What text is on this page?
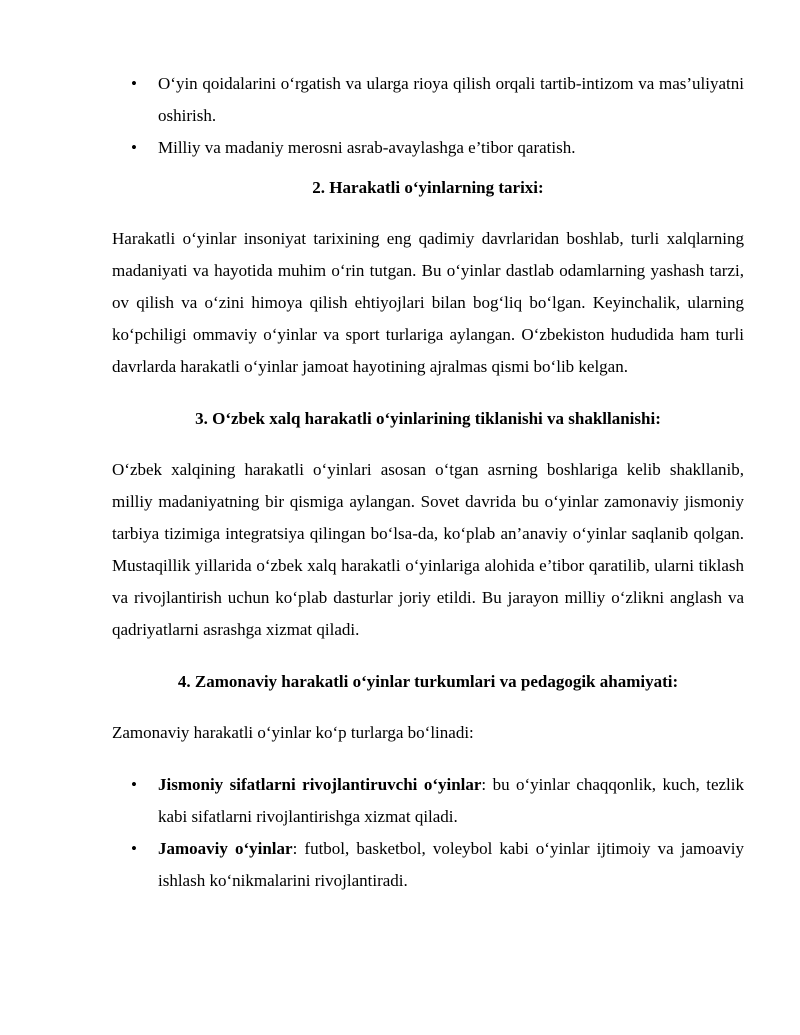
• O‘yin qoidalarini o‘rgatish va ularga rioya qilish orqali tartib-intizom va mas’uliyatni oshirish.
• Milliy va madaniy merosni asrab-avaylashga e’tibor qaratish.
2. Harakatli o‘yinlarning tarixi:

Harakatli o‘yinlar insoniyat tarixining eng qadimiy davrlaridan boshlab, turli xalqlarning madaniyati va hayotida muhim o‘rin tutgan. Bu o‘yinlar dastlab odamlarning yashash tarzi, ov qilish va o‘zini himoya qilish ehtiyojlari bilan bog‘liq bo‘lgan. Keyinchalik, ularning ko‘pchiligi ommaviy o‘yinlar va sport turlariga aylangan. O‘zbekiston hududida ham turli davrlarda harakatli o‘yinlar jamoat hayotining ajralmas qismi bo‘lib kelgan.

3. O‘zbek xalq harakatli o‘yinlarining tiklanishi va shakllanishi:

O‘zbek xalqining harakatli o‘yinlari asosan o‘tgan asrning boshlariga kelib shakllanib, milliy madaniyatning bir qismiga aylangan. Sovet davrida bu o‘yinlar zamonaviy jismoniy tarbiya tizimiga integratsiya qilingan bo‘lsa-da, ko‘plab an’anaviy o‘yinlar saqlanib qolgan. Mustaqillik yillarida o‘zbek xalq harakatli o‘yinlariga alohida e’tibor qaratilib, ularni tiklash va rivojlantirish uchun ko‘plab dasturlar joriy etildi. Bu jarayon milliy o‘zlikni anglash va qadriyatlarni asrashga xizmat qiladi.

4. Zamonaviy harakatli o‘yinlar turkumlari va pedagogik ahamiyati:

Zamonaviy harakatli o‘yinlar ko‘p turlarga bo‘linadi:

• Jismoniy sifatlarni rivojlantiruvchi o‘yinlar: bu o‘yinlar chaqqonlik, kuch, tezlik kabi sifatlarni rivojlantirishga xizmat qiladi.
• Jamoaviy o‘yinlar: futbol, basketbol, voleybol kabi o‘yinlar ijtimoiy va jamoaviy ishlash ko‘nikmalarini rivojlantiradi.
